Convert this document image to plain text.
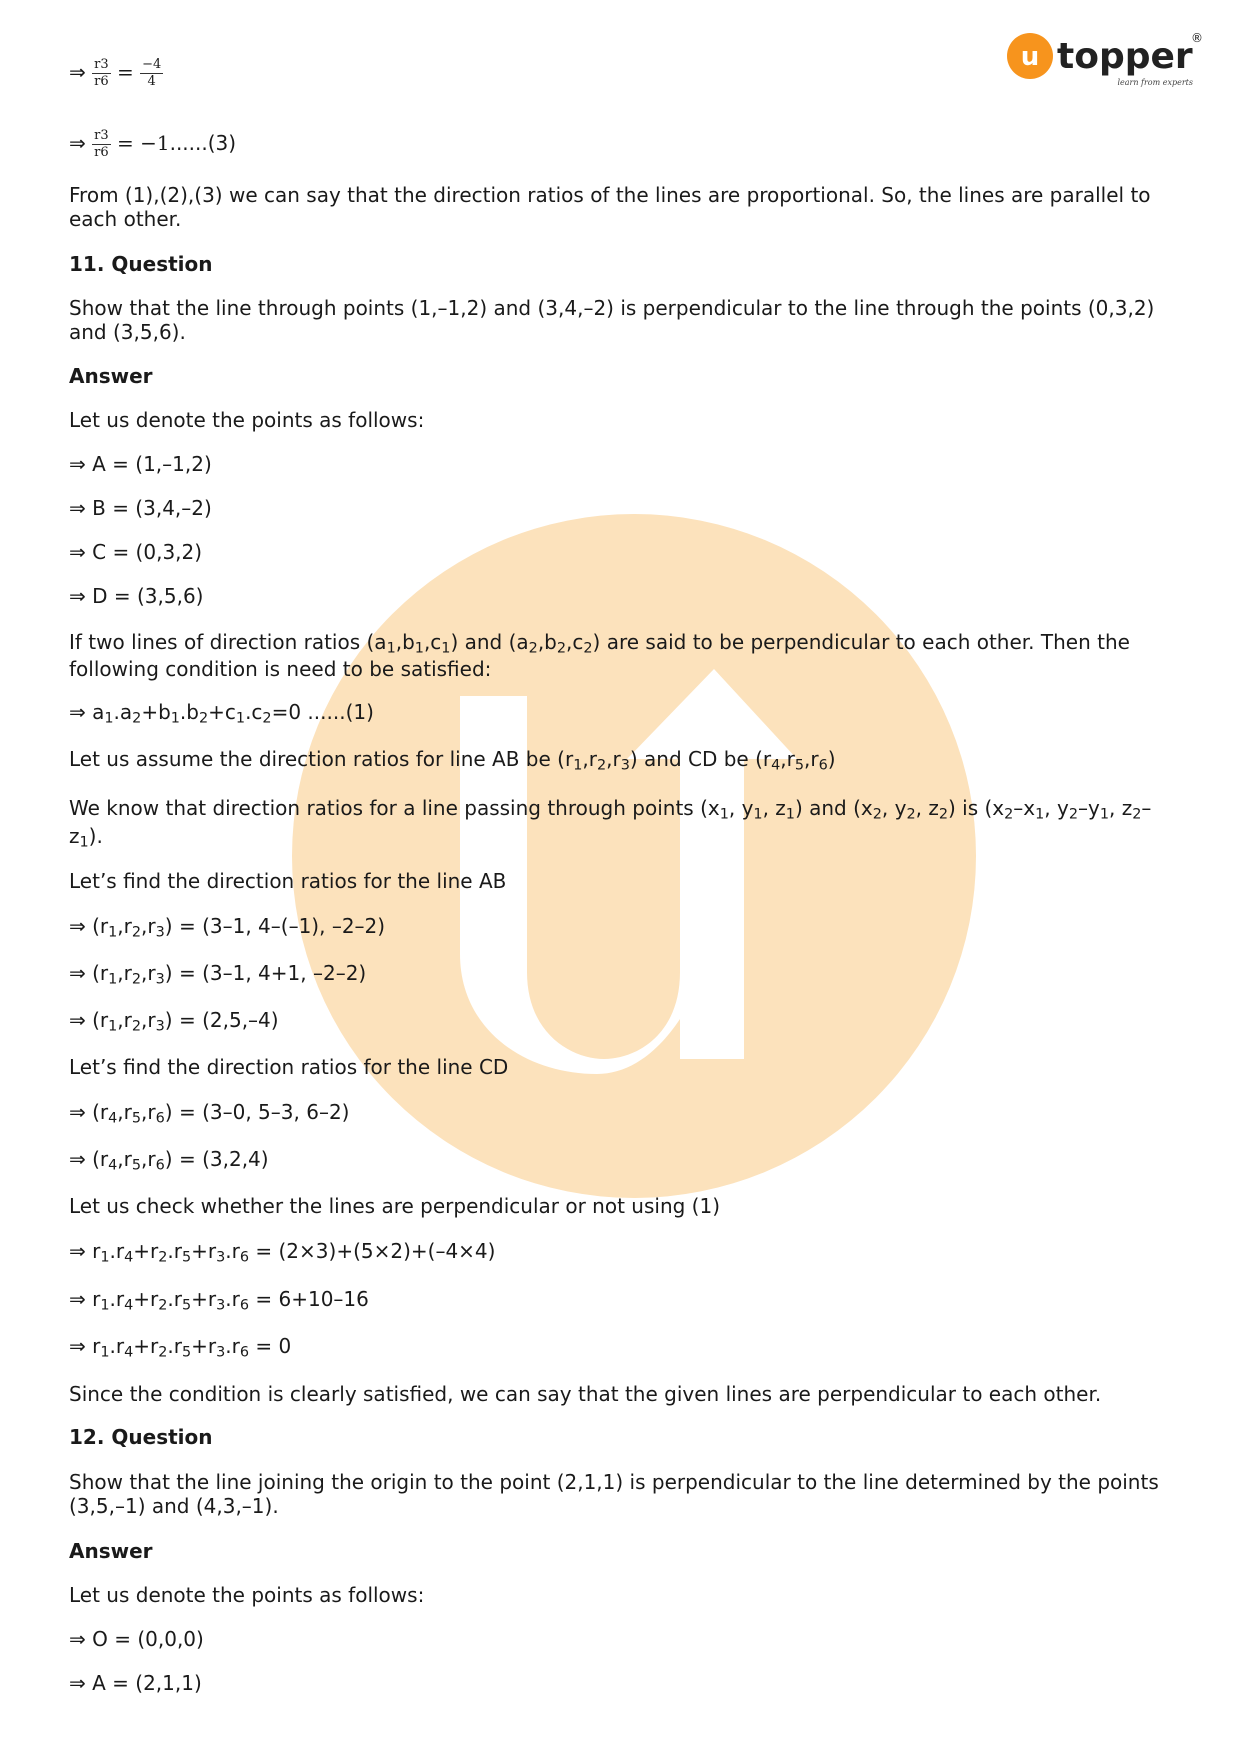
u topper
®
learn from experts
⇒ $\frac{r3}{r6} = \frac{-4}{4}$
⇒ $\frac{r3}{r6} = -1......(3)$
From (1),(2),(3) we can say that the direction ratios of the lines are proportional. So, the lines are parallel to each other.
11. Question
Show that the line through points (1,–1,2) and (3,4,–2) is perpendicular to the line through the points (0,3,2) and (3,5,6).
Answer
Let us denote the points as follows:
⇒ A = (1,–1,2)
⇒ B = (3,4,–2)
⇒ C = (0,3,2)
⇒ D = (3,5,6)
If two lines of direction ratios $(a_1,b_1,c_1)$ and $(a_2,b_2,c_2)$ are said to be perpendicular to each other. Then the following condition is need to be satisfied:
⇒ $a_1.a_2+b_1.b_2+c_1.c_2=0$ ......(1)
Let us assume the direction ratios for line AB be $(r_1,r_2,r_3)$ and CD be $(r_4,r_5,r_6)$
We know that direction ratios for a line passing through points ($x_1$, $y_1$, $z_1$) and ($x_2$, $y_2$, $z_2$) is ($x_2-x_1$, $y_2-y_1$, $z_2-z_1$).
Let’s find the direction ratios for the line AB
⇒ $(r_1,r_2,r_3) = (3-1$, 4–(–1), –2–2)
⇒ $(r_1,r_2,r_3) = (3-1$, 4+1, –2–2)
⇒ $(r_1,r_2,r_3) = (2,5,-4)$
Let’s find the direction ratios for the line CD
⇒ $(r_4,r_5,r_6) = (3-0$, 5–3, 6–2)
⇒ $(r_4,r_5,r_6) = (3,2,4)$
Let us check whether the lines are perpendicular or not using (1)
⇒ $r_1.r_4+r_2.r_5+r_3.r_6 = (2\times 3)+(5\times 2)+(-4\times 4)$
⇒ $r_1.r_4+r_2.r_5+r_3.r_6 = 6+10-16$
⇒ $r_1.r_4+r_2.r_5+r_3.r_6 = 0$
Since the condition is clearly satisfied, we can say that the given lines are perpendicular to each other.
12. Question
Show that the line joining the origin to the point (2,1,1) is perpendicular to the line determined by the points (3,5,–1) and (4,3,–1).
Answer
Let us denote the points as follows:
⇒ O = (0,0,0)
⇒ A = (2,1,1)
